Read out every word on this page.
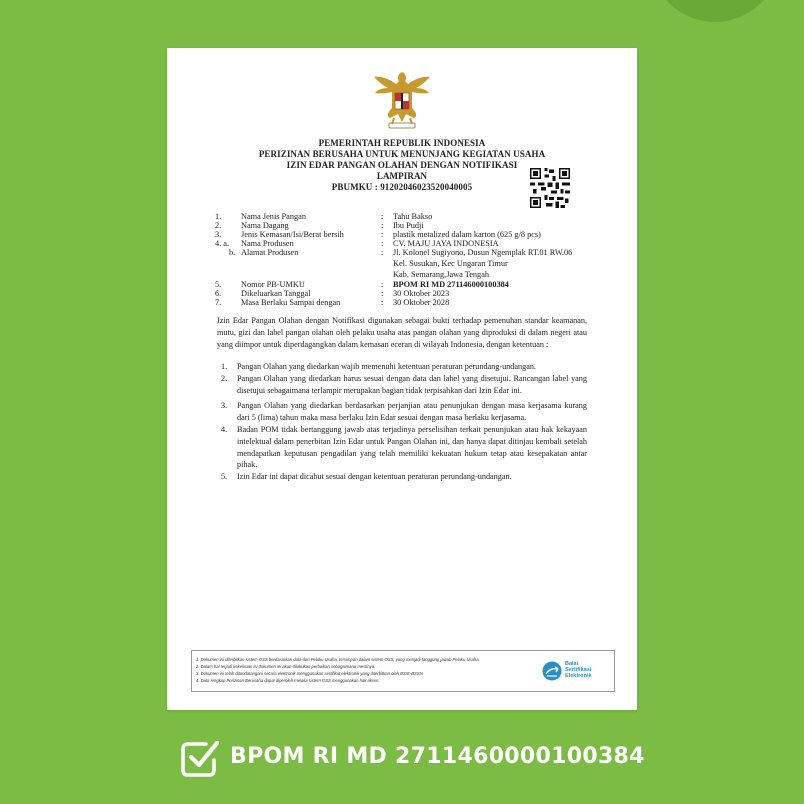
PEMERINTAH REPUBLIK INDONESIA
PERIZINAN BERUSAHA UNTUK MENUNJANG KEGIATAN USAHA
IZIN EDAR PANGAN OLAHAN DENGAN NOTIFIKASI
LAMPIRAN
PBUMKU : 91202046023520040005
1. Nama Jenis Pangan	: Tahu Bakso
2. Nama Dagang	: Ibu Pudji
3. Jenis Kemasan/Isi/Berat bersih	: plastik metalized dalam karton (625 g/8 pcs)
4. a. Nama Produsen	: CV. MAJU JAYA INDONESIA
b. Alamat Produsen	: Jl. Kolonel Sugiyono, Dusun Ngemplak RT.01 RW.06
Kel. Susukan, Kec Ungaran Timur
Kab. Semarang,Jawa Tengah
5. Nomor PB-UMKU	: BPOM RI MD 271146000100384
6. Dikeluarkan Tanggal	: 30 Oktober 2023
7. Masa Berlaku Sampai dengan	: 30 Oktober 2028
Izin Edar Pangan Olahan dengan Notifikasi digunakan sebagai bukti terhadap pemenuhan standar keamanan, mutu, gizi dan label pangan olahan oleh pelaku usaha atas pangan olahan yang diproduksi di dalam negeri atau yang diimpor untuk diperdagangkan dalam kemasan eceran di wilayah Indonesia, dengan ketentuan :
1. Pangan Olahan yang diedarkan wajib memenuhi ketentuan peraturan perundang-undangan.
2. Pangan Olahan yang diedarkan harus sesuai dengan data dan label yang disetujui. Rancangan label yang disetujui sebagaimana terlampir merupakan bagian tidak terpisahkan dari Izin Edar ini.
3. Pangan Olahan yang diedarkan berdasarkan perjanjian atau penunjukan dengan masa kerjasama kurang dari 5 (lima) tahun maka masa berlaku Izin Edar sesuai dengan masa berlaku kerjasama.
4. Badan POM tidak bertanggung jawab atas terjadinya perselisihan terkait penunjukan atau hak kekayaan intelektual dalam penerbitan Izin Edar untuk Pangan Olahan ini, dan hanya dapat ditinjau kembali setelah mendapatkan keputusan pengadilan yang telah memiliki kekuatan hukum tetap atau kesepakatan antar pihak.
5. Izin Edar ini dapat dicabut sesuai dengan ketentuan peraturan perundang-undangan.
1. Dokumen ini diterbitkan sistem OSS berdasarkan data dari Pelaku Usaha, tersimpan dalam sistem OSS, yang menjadi tanggung jawab Pelaku Usaha.
2. Dalam hal terjadi kekeliruan isi dokumen ini akan dilakukan perbaikan sebagaimana mestinya.
3. Dokumen ini telah ditandatangani secara elektronik menggunakan sertifikat elektronik yang diterbitkan oleh BSrE-BSSN.
4. Data lengkap Perizinan Berusaha dapat diperoleh melalui sistem OSS menggunakan hak akses.
Balai
Sertifikasi
Elektronik
BPOM RI MD 2711460000100384
